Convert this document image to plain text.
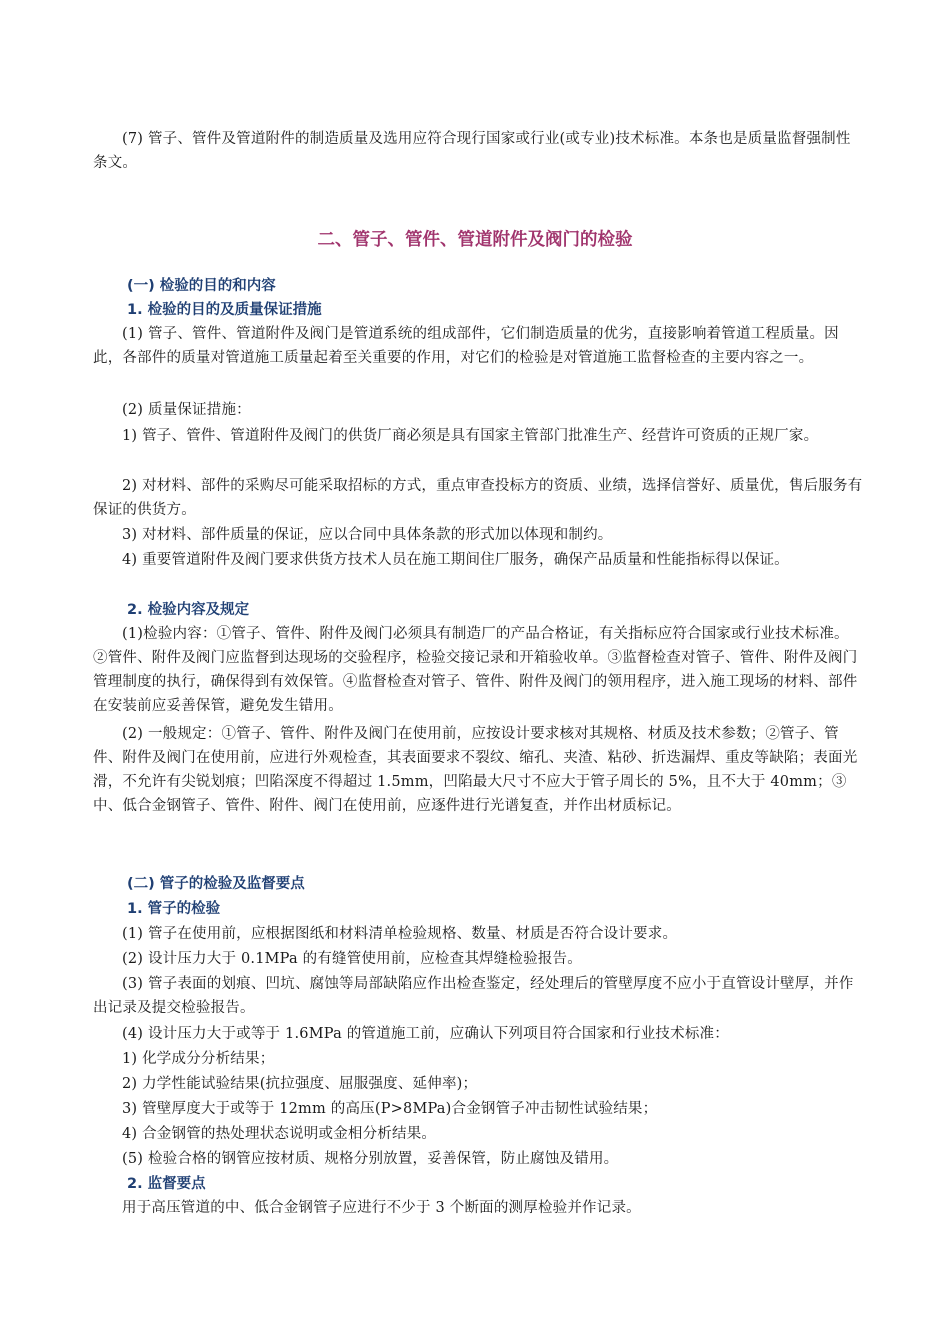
(7) 管子、管件及管道附件的制造质量及选用应符合现行国家或行业(或专业)技术标准。本条也是质量监督强制性条文。

二、管子、管件、管道附件及阀门的检验
(一) 检验的目的和内容
1. 检验的目的及质量保证措施

(1) 管子、管件、管道附件及阀门是管道系统的组成部件，它们制造质量的优劣，直接影响着管道工程质量。因此，各部件的质量对管道施工质量起着至关重要的作用，对它们的检验是对管道施工监督检查的主要内容之一。

(2) 质量保证措施：

1) 管子、管件、管道附件及阀门的供货厂商必须是具有国家主管部门批准生产、经营许可资质的正规厂家。

2) 对材料、部件的采购尽可能采取招标的方式，重点审查投标方的资质、业绩，选择信誉好、质量优，售后服务有保证的供货方。

3) 对材料、部件质量的保证，应以合同中具体条款的形式加以体现和制约。

4) 重要管道附件及阀门要求供货方技术人员在施工期间住厂服务，确保产品质量和性能指标得以保证。

2. 检验内容及规定

(1)检验内容：①管子、管件、附件及阀门必须具有制造厂的产品合格证，有关指标应符合国家或行业技术标准。②管件、附件及阀门应监督到达现场的交验程序，检验交接记录和开箱验收单。③监督检查对管子、管件、附件及阀门管理制度的执行，确保得到有效保管。④监督检查对管子、管件、附件及阀门的领用程序，进入施工现场的材料、部件在安装前应妥善保管，避免发生错用。

(2) 一般规定：①管子、管件、附件及阀门在使用前，应按设计要求核对其规格、材质及技术参数；②管子、管件、附件及阀门在使用前，应进行外观检查，其表面要求不裂纹、缩孔、夹渣、粘砂、折迭漏焊、重皮等缺陷；表面光滑，不允许有尖锐划痕；凹陷深度不得超过 1.5mm，凹陷最大尺寸不应大于管子周长的 5%，且不大于 40mm；③中、低合金钢管子、管件、附件、阀门在使用前，应逐件进行光谱复查，并作出材质标记。

(二) 管子的检验及监督要点
1. 管子的检验

(1) 管子在使用前，应根据图纸和材料清单检验规格、数量、材质是否符合设计要求。

(2) 设计压力大于 0.1MPa 的有缝管使用前，应检查其焊缝检验报告。

(3) 管子表面的划痕、凹坑、腐蚀等局部缺陷应作出检查鉴定，经处理后的管壁厚度不应小于直管设计壁厚，并作出记录及提交检验报告。

(4) 设计压力大于或等于 1.6MPa 的管道施工前，应确认下列项目符合国家和行业技术标准：

1) 化学成分分析结果；

2) 力学性能试验结果(抗拉强度、屈服强度、延伸率)；

3) 管壁厚度大于或等于 12mm 的高压(P>8MPa)合金钢管子冲击韧性试验结果；

4) 合金钢管的热处理状态说明或金相分析结果。

(5) 检验合格的钢管应按材质、规格分别放置，妥善保管，防止腐蚀及错用。

2. 监督要点

用于高压管道的中、低合金钢管子应进行不少于 3 个断面的测厚检验并作记录。
